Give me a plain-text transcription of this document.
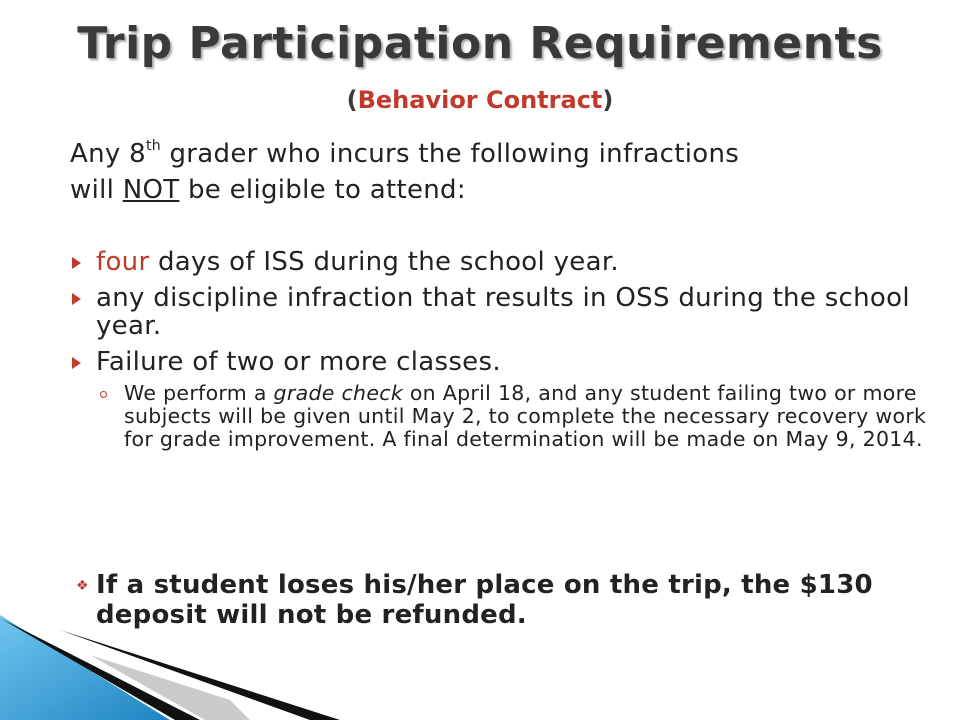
Trip Participation Requirements
(Behavior Contract)

Any 8th grader who incurs the following infractions
will NOT be eligible to attend:

four days of ISS during the school year.
any discipline infraction that results in OSS during the school year.
Failure of two or more classes.
We perform a grade check on April 18, and any student failing two or more subjects will be given until May 2, to complete the necessary recovery work for grade improvement. A final determination will be made on May 9, 2014.
❖ If a student loses his/her place on the trip, the $130 deposit will not be refunded.
